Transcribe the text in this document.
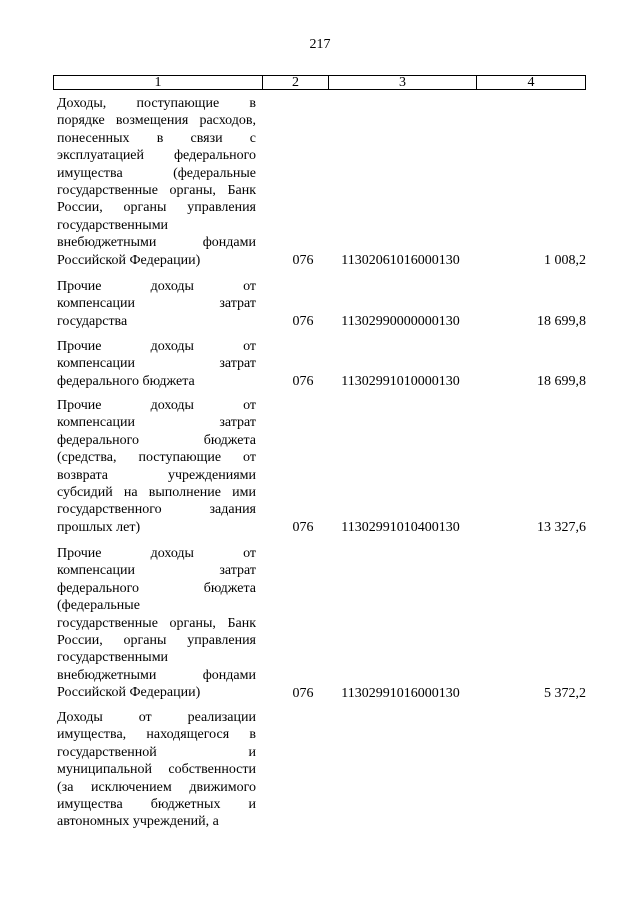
217
1	2	3	4
Доходы, поступающие в
порядке возмещения расходов,
понесенных в связи с
эксплуатацией федерального
имущества (федеральные
государственные органы, Банк
России, органы управления
государственными
внебюджетными фондами
Российской Федерации)	076	11302061016000130	1 008,2
Прочие доходы от
компенсации затрат
государства	076	11302990000000130	18 699,8
Прочие доходы от
компенсации затрат
федерального бюджета	076	11302991010000130	18 699,8
Прочие доходы от
компенсации затрат
федерального бюджета
(средства, поступающие от
возврата учреждениями
субсидий на выполнение ими
государственного задания
прошлых лет)	076	11302991010400130	13 327,6
Прочие доходы от
компенсации затрат
федерального бюджета
(федеральные
государственные органы, Банк
России, органы управления
государственными
внебюджетными фондами
Российской Федерации)	076	11302991016000130	5 372,2
Доходы от реализации
имущества, находящегося в
государственной и
муниципальной собственности
(за исключением движимого
имущества бюджетных и
автономных учреждений, а
